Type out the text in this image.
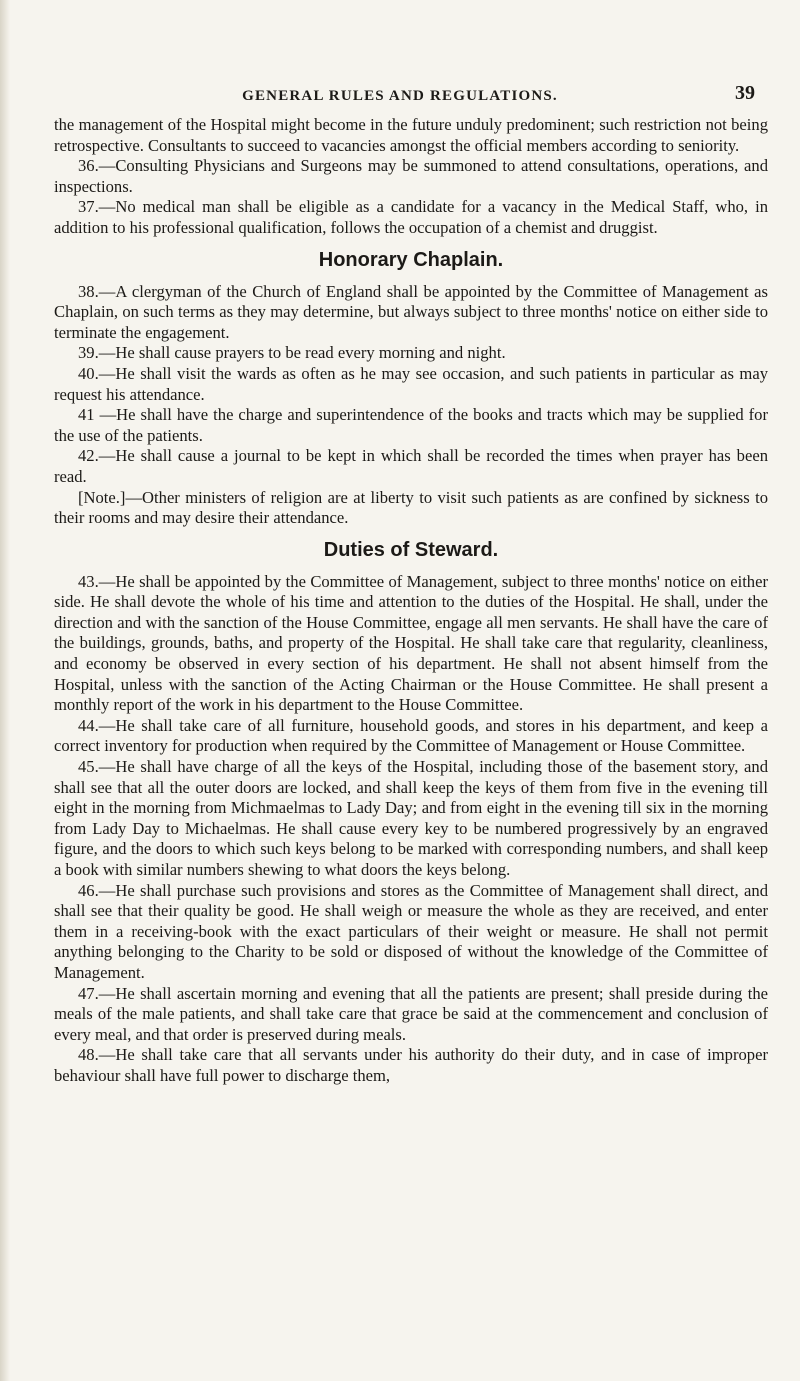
GENERAL RULES AND REGULATIONS.	39

the management of the Hospital might become in the future unduly predominent; such restriction not being retrospective. Consultants to succeed to vacancies amongst the official members according to seniority.

36.—Consulting Physicians and Surgeons may be summoned to attend consultations, operations, and inspections.

37.—No medical man shall be eligible as a candidate for a vacancy in the Medical Staff, who, in addition to his professional qualification, follows the occupation of a chemist and druggist.

Honorary Chaplain.

38.—A clergyman of the Church of England shall be appointed by the Committee of Management as Chaplain, on such terms as they may determine, but always subject to three months' notice on either side to terminate the engagement.

39.—He shall cause prayers to be read every morning and night.

40.—He shall visit the wards as often as he may see occasion, and such patients in particular as may request his attendance.

41 —He shall have the charge and superintendence of the books and tracts which may be supplied for the use of the patients.

42.—He shall cause a journal to be kept in which shall be recorded the times when prayer has been read.

[Note.]—Other ministers of religion are at liberty to visit such patients as are confined by sickness to their rooms and may desire their attendance.

Duties of Steward.

43.—He shall be appointed by the Committee of Management, subject to three months' notice on either side. He shall devote the whole of his time and attention to the duties of the Hospital. He shall, under the direction and with the sanction of the House Committee, engage all men servants. He shall have the care of the buildings, grounds, baths, and property of the Hospital. He shall take care that regularity, cleanliness, and economy be observed in every section of his department. He shall not absent himself from the Hospital, unless with the sanction of the Acting Chairman or the House Committee. He shall present a monthly report of the work in his department to the House Committee.

44.—He shall take care of all furniture, household goods, and stores in his department, and keep a correct inventory for production when required by the Committee of Management or House Committee.

45.—He shall have charge of all the keys of the Hospital, including those of the basement story, and shall see that all the outer doors are locked, and shall keep the keys of them from five in the evening till eight in the morning from Michmaelmas to Lady Day; and from eight in the evening till six in the morning from Lady Day to Michaelmas. He shall cause every key to be numbered progressively by an engraved figure, and the doors to which such keys belong to be marked with corresponding numbers, and shall keep a book with similar numbers shewing to what doors the keys belong.

46.—He shall purchase such provisions and stores as the Committee of Management shall direct, and shall see that their quality be good. He shall weigh or measure the whole as they are received, and enter them in a receiving-book with the exact particulars of their weight or measure. He shall not permit anything belonging to the Charity to be sold or disposed of without the knowledge of the Committee of Management.

47.—He shall ascertain morning and evening that all the patients are present; shall preside during the meals of the male patients, and shall take care that grace be said at the commencement and conclusion of every meal, and that order is preserved during meals.

48.—He shall take care that all servants under his authority do their duty, and in case of improper behaviour shall have full power to discharge them,
